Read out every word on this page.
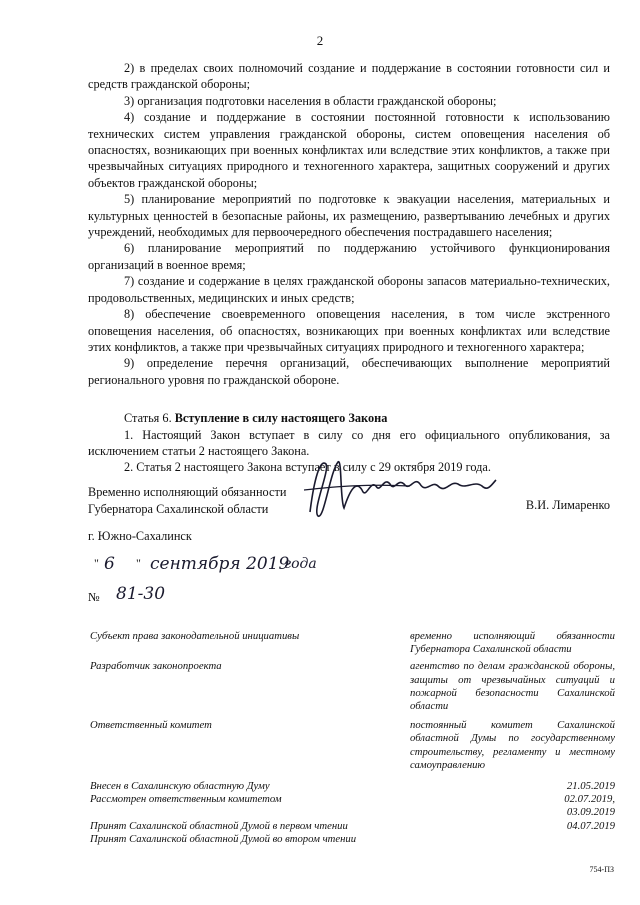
2

2) в пределах своих полномочий создание и поддержание в состоянии готовности сил и средств гражданской обороны;

3) организация подготовки населения в области гражданской обороны;

4) создание и поддержание в состоянии постоянной готовности к использованию технических систем управления гражданской обороны, систем оповещения населения об опасностях, возникающих при военных конфликтах или вследствие этих конфликтов, а также при чрезвычайных ситуациях природного и техногенного характера, защитных сооружений и других объектов гражданской обороны;

5) планирование мероприятий по подготовке к эвакуации населения, материальных и культурных ценностей в безопасные районы, их размещению, развертыванию лечебных и других учреждений, необходимых для первоочередного обеспечения пострадавшего населения;

6) планирование мероприятий по поддержанию устойчивого функционирования организаций в военное время;

7) создание и содержание в целях гражданской обороны запасов материально-технических, продовольственных, медицинских и иных средств;

8) обеспечение своевременного оповещения населения, в том числе экстренного оповещения населения, об опасностях, возникающих при военных конфликтах или вследствие этих конфликтов, а также при чрезвычайных ситуациях природного и техногенного характера;

9) определение перечня организаций, обеспечивающих выполнение мероприятий регионального уровня по гражданской обороне.

Статья 6. Вступление в силу настоящего Закона

1. Настоящий Закон вступает в силу со дня его официального опубликования, за исключением статьи 2 настоящего Закона.

2. Статья 2 настоящего Закона вступает в силу с 29 октября 2019 года.

Временно исполняющий обязанности
Губернатора Сахалинской области	В.И. Лимаренко
г. Южно-Сахалинск
" 6 " сентября 2019
года
№ 81-30
Субъект права законодательной инициативы	временно исполняющий обязанности Губернатора Сахалинской области
Разработчик законопроекта	агентство по делам гражданской обороны, защиты от чрезвычайных ситуаций и пожарной безопасности Сахалинской области
Ответственный комитет	постоянный комитет Сахалинской областной Думы по государственному строительству, регламенту и местному самоуправлению
Внесен в Сахалинскую областную Думу	21.05.2019
Рассмотрен ответственным комитетом	02.07.2019,
03.09.2019
Принят Сахалинской областной Думой в первом чтении	04.07.2019
Принят Сахалинской областной Думой во втором чтении

754-ПЗ
